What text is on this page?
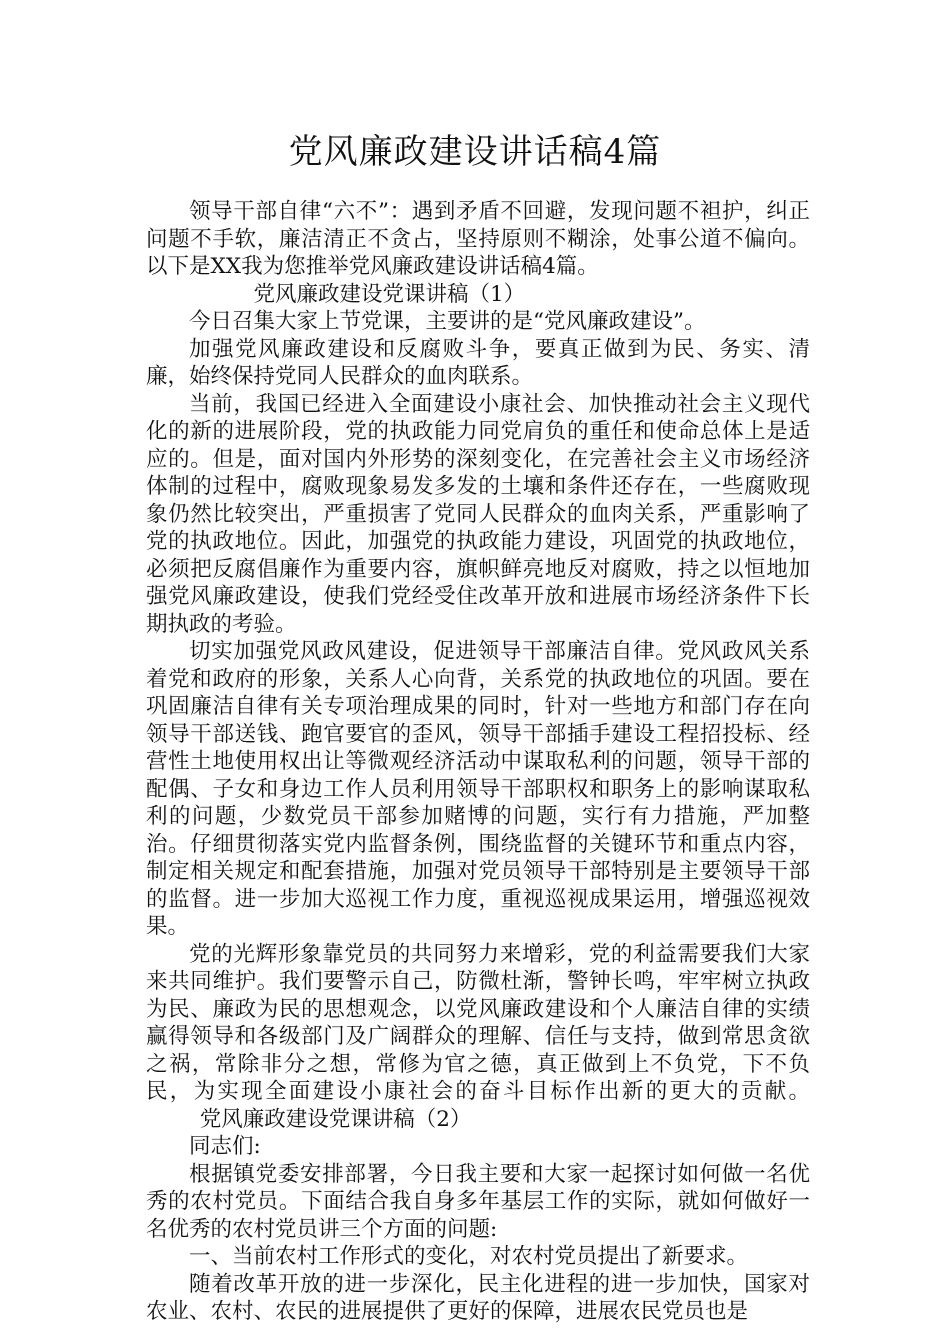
党风廉政建设讲话稿4篇

领导干部自律“六不”：遇到矛盾不回避，发现问题不袒护，纠正问题不手软，廉洁清正不贪占，坚持原则不糊涂，处事公道不偏向。以下是XX我为您推举党风廉政建设讲话稿4篇。

党风廉政建设党课讲稿（1）

今日召集大家上节党课，主要讲的是“党风廉政建设”。

加强党风廉政建设和反腐败斗争，要真正做到为民、务实、清廉，始终保持党同人民群众的血肉联系。

当前，我国已经进入全面建设小康社会、加快推动社会主义现代化的新的进展阶段，党的执政能力同党肩负的重任和使命总体上是适应的。但是，面对国内外形势的深刻变化，在完善社会主义市场经济体制的过程中，腐败现象易发多发的土壤和条件还存在，一些腐败现象仍然比较突出，严重损害了党同人民群众的血肉关系，严重影响了党的执政地位。因此，加强党的执政能力建设，巩固党的执政地位，必须把反腐倡廉作为重要内容，旗帜鲜亮地反对腐败，持之以恒地加强党风廉政建设，使我们党经受住改革开放和进展市场经济条件下长期执政的考验。

切实加强党风政风建设，促进领导干部廉洁自律。党风政风关系着党和政府的形象，关系人心向背，关系党的执政地位的巩固。要在巩固廉洁自律有关专项治理成果的同时，针对一些地方和部门存在向领导干部送钱、跑官要官的歪风，领导干部插手建设工程招投标、经营性土地使用权出让等微观经济活动中谋取私利的问题，领导干部的配偶、子女和身边工作人员利用领导干部职权和职务上的影响谋取私利的问题，少数党员干部参加赌博的问题，实行有力措施，严加整治。仔细贯彻落实党内监督条例，围绕监督的关键环节和重点内容，制定相关规定和配套措施，加强对党员领导干部特别是主要领导干部的监督。进一步加大巡视工作力度，重视巡视成果运用，增强巡视效果。

党的光辉形象靠党员的共同努力来增彩，党的利益需要我们大家来共同维护。我们要警示自己，防微杜渐，警钟长鸣，牢牢树立执政为民、廉政为民的思想观念，以党风廉政建设和个人廉洁自律的实绩赢得领导和各级部门及广阔群众的理解、信任与支持，做到常思贪欲之祸，常除非分之想，常修为官之德，真正做到上不负党，下不负民，为实现全面建设小康社会的奋斗目标作出新的更大的贡献。党风廉政建设党课讲稿（2）

同志们:

根据镇党委安排部署，今日我主要和大家一起探讨如何做一名优秀的农村党员。下面结合我自身多年基层工作的实际，就如何做好一名优秀的农村党员讲三个方面的问题:

一、当前农村工作形式的变化，对农村党员提出了新要求。

随着改革开放的进一步深化，民主化进程的进一步加快，国家对农业、农村、农民的进展提供了更好的保障，进展农民党员也是
